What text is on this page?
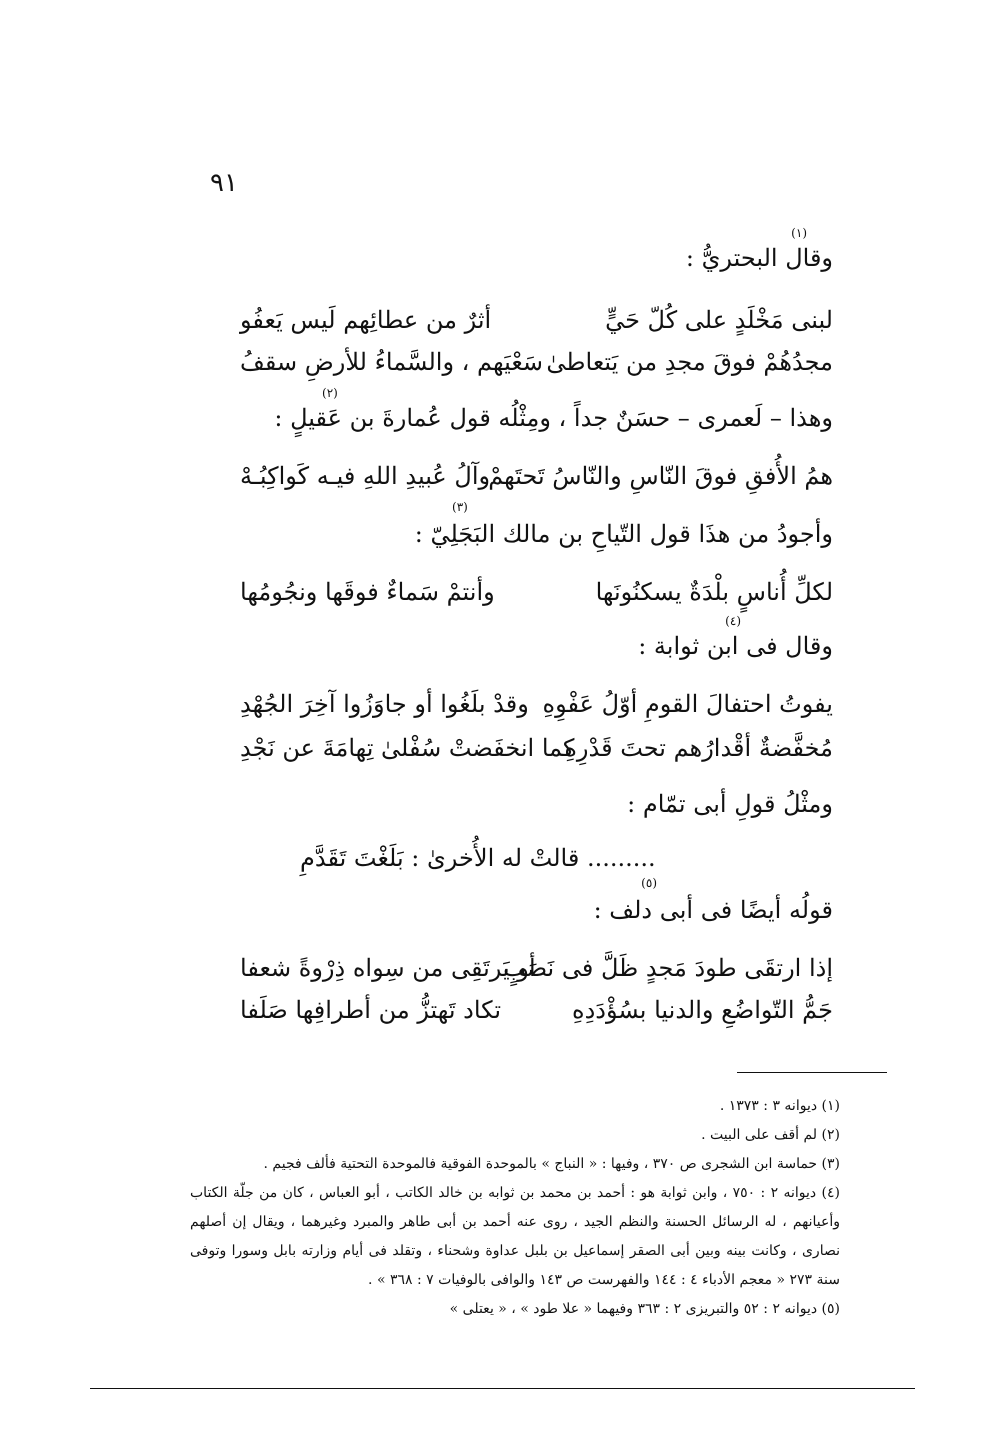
٩١
(١)
وقال البحتريُّ :
لبنى مَخْلَدٍ على كُلّ حَيٍّ
أثرٌ من عطائِهم لَيس يَعفُو
مجدُهُمْ فوقَ مجدِ من يَتعاطىٰ
سَعْيَهم ، والسَّماءُ للأرضِ سقفُ
(٢)
وهذا – لَعمرى – حسَنٌ جداً ، ومِثْلُه قول عُمارةَ بن عَقيلٍ :
همُ الأُفقِ فوقَ النّاسِ والنّاسُ تَحتَهمْ
وآلُ عُبيدِ اللهِ فيـه كَواكِبُـهْ
(٣)
وأجودُ من هذَا قول التّياحِ بن مالك البَجَلِيّ :
لكلِّ أُناسٍ بلْدَةٌ يسكنُونَها
وأنتمْ سَماءٌ فوقَها ونجُومُها
(٤)
وقال فى ابن ثوابة :
يفوتُ احتفالَ القومِ أوّلُ عَفْوِهِ
وقدْ بلَغُوا أو جاوَزُوا آخِرَ الجُهْدِ
مُخفَّضةٌ أقْدارُهم تحتَ قَدْرِهِ
كما انخفَضتْ سُفْلىٰ تِهامَةَ عن نَجْدِ
ومثْلُ قولِ أبى تمّام :
......... قالتْ له الأُخرىٰ : بَلَغْتَ تَقَدَّمِ
(٥)
قولُه أيضًا فى أبى دلف :
إذا ارتقَى طودَ مَجدٍ ظَلَّ فى نَصَبٍ
أو يَرتَقِى من سِواه ذِرْوةً شعفا
جَمُّ التّواضُعِ والدنيا بسُؤْدَدِهِ
تكاد تَهتزُّ من أطرافِها صَلَفا
(١) ديوانه ٣ : ١٣٧٣ .
(٢) لم أقف على البيت .
(٣) حماسة ابن الشجرى ص ٣٧٠ ، وفيها : « النباج » بالموحدة الفوقية فالموحدة التحتية فألف فجيم .
(٤) ديوانه ٢ : ٧٥٠ ، وابن ثوابة هو : أحمد بن محمد بن ثوابه بن خالد الكاتب ، أبو العباس ، كان من جلّة الكتاب وأعيانهم ، له الرسائل الحسنة والنظم الجيد ، روى عنه أحمد بن أبى طاهر والمبرد وغيرهما ، ويقال إن أصلهم نصارى ، وكانت بينه وبين أبى الصقر إسماعيل بن بلبل عداوة وشحناء ، وتقلد فى أيام وزارته بابل وسورا وتوفى سنة ٢٧٣ « معجم الأدباء ٤ : ١٤٤ والفهرست ص ١٤٣ والوافى بالوفيات ٧ : ٣٦٨ » .
(٥) ديوانه ٢ : ٥٢ والتبريزى ٢ : ٣٦٣ وفيهما « علا طود » ، « يعتلى »
